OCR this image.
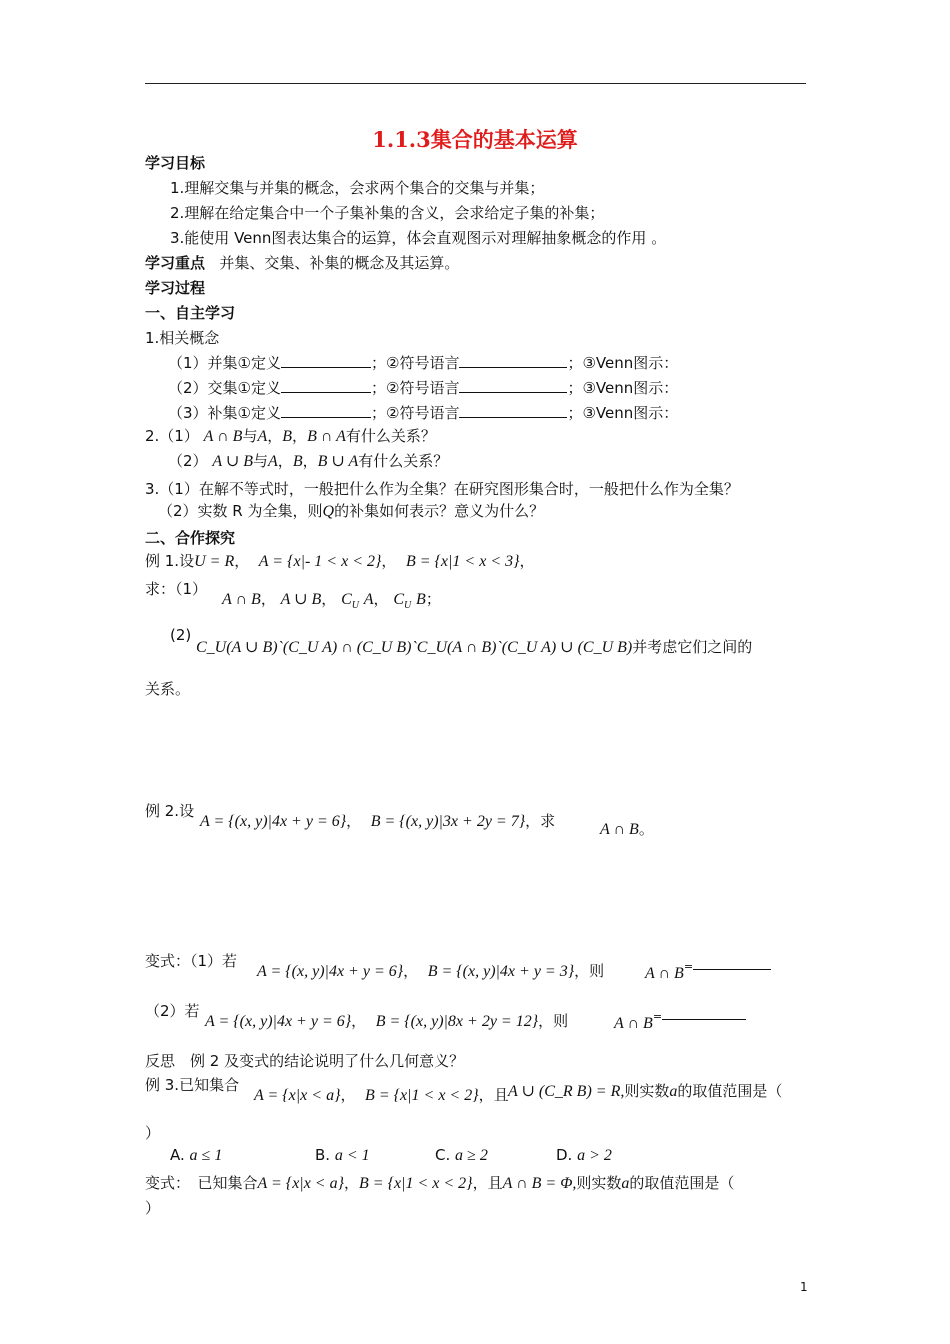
1.1.3集合的基本运算
学习目标
1.理解交集与并集的概念，会求两个集合的交集与并集；
2.理解在给定集合中一个子集补集的含义，会求给定子集的补集；
3.能使用 Venn图表达集合的运算，体会直观图示对理解抽象概念的作用 。
学习重点 并集、交集、补集的概念及其运算。
学习过程
一、自主学习
1.相关概念
（1）并集①定义	；②符号语言	；③Venn图示：
（2）交集①定义	；②符号语言	；③Venn图示：
（3）补集①定义	；②符号语言	；③Venn图示：
2.（1） A ∩ B与A，B，B ∩ A有什么关系？
（2） A ∪ B与A，B，B ∪ A有什么关系？
3.（1）在解不等式时，一般把什么作为全集？在研究图形集合时，一般把什么作为全集？
（2）实数 R 为全集，则Q的补集如何表示？意义为什么？
二、合作探究
例 1.设U = R， A = {x|- 1 < x < 2}， B = {x|1 < x < 3}，
求：（1）
A ∩ B， A ∪ B， $C_U$ A， $C_U$ B；
(2)
C_U(A ∪ B)`(C_U A) ∩ (C_U B)`C_U(A ∩ B)`(C_U A) ∪ (C_U B)并考虑它们之间的
关系。
例 2.设
A = {(x, y)|4x + y = 6}， B = {(x, y)|3x + 2y = 7}，求	A ∩ B。
变式：（1）若
A = {(x, y)|4x + y = 6}， B = {(x, y)|4x + y = 3}，则	A ∩ B=
（2）若
A = {(x, y)|4x + y = 6}， B = {(x, y)|8x + 2y = 12}，则	A ∩ B=
反思　例 2 及变式的结论说明了什么几何意义？
例 3.已知集合
A = {x|x < a}， B = {x|1 < x < 2}，且 A ∪ (C_R B) = R,则实数a的取值范围是（
）
A. a ≤ 1	B. a < 1	C. a ≥ 2	D. a > 2
变式：　已知集合A = {x|x < a}，B = {x|1 < x < 2}，且A ∩ B = Φ,则实数a的取值范围是（
）
1
